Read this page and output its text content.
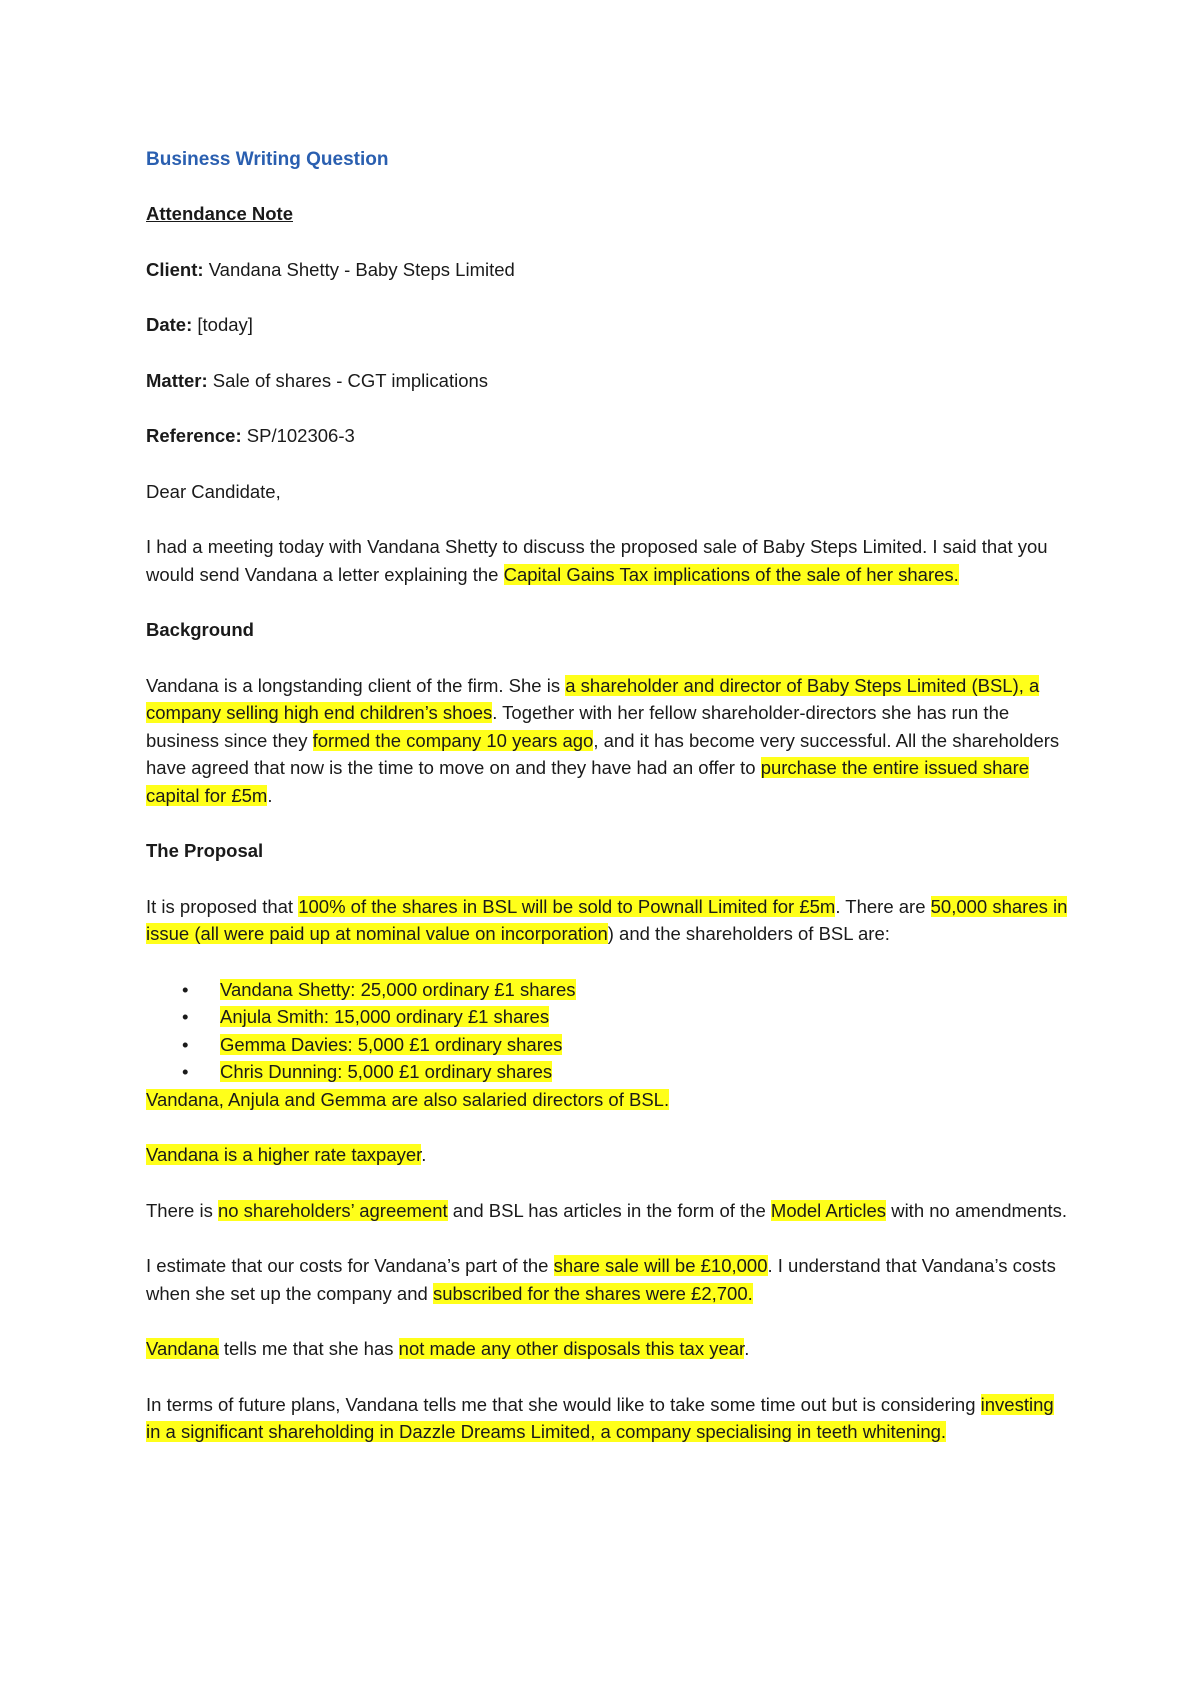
Business Writing Question

Attendance Note

Client: Vandana Shetty - Baby Steps Limited

Date: [today]

Matter: Sale of shares - CGT implications

Reference: SP/102306-3

Dear Candidate,

I had a meeting today with Vandana Shetty to discuss the proposed sale of Baby Steps Limited. I said that you would send Vandana a letter explaining the Capital Gains Tax implications of the sale of her shares.

Background

Vandana is a longstanding client of the firm. She is a shareholder and director of Baby Steps Limited (BSL), a company selling high end children’s shoes. Together with her fellow shareholder-directors she has run the business since they formed the company 10 years ago, and it has become very successful. All the shareholders have agreed that now is the time to move on and they have had an offer to purchase the entire issued share capital for £5m.

The Proposal

It is proposed that 100% of the shares in BSL will be sold to Pownall Limited for £5m. There are 50,000 shares in issue (all were paid up at nominal value on incorporation) and the shareholders of BSL are:

• Vandana Shetty: 25,000 ordinary £1 shares
• Anjula Smith: 15,000 ordinary £1 shares
• Gemma Davies: 5,000 £1 ordinary shares
• Chris Dunning: 5,000 £1 ordinary shares

Vandana, Anjula and Gemma are also salaried directors of BSL.

Vandana is a higher rate taxpayer.

There is no shareholders’ agreement and BSL has articles in the form of the Model Articles with no amendments.

I estimate that our costs for Vandana’s part of the share sale will be £10,000. I understand that Vandana’s costs when she set up the company and subscribed for the shares were £2,700.

Vandana tells me that she has not made any other disposals this tax year.

In terms of future plans, Vandana tells me that she would like to take some time out but is considering investing in a significant shareholding in Dazzle Dreams Limited, a company specialising in teeth whitening.
